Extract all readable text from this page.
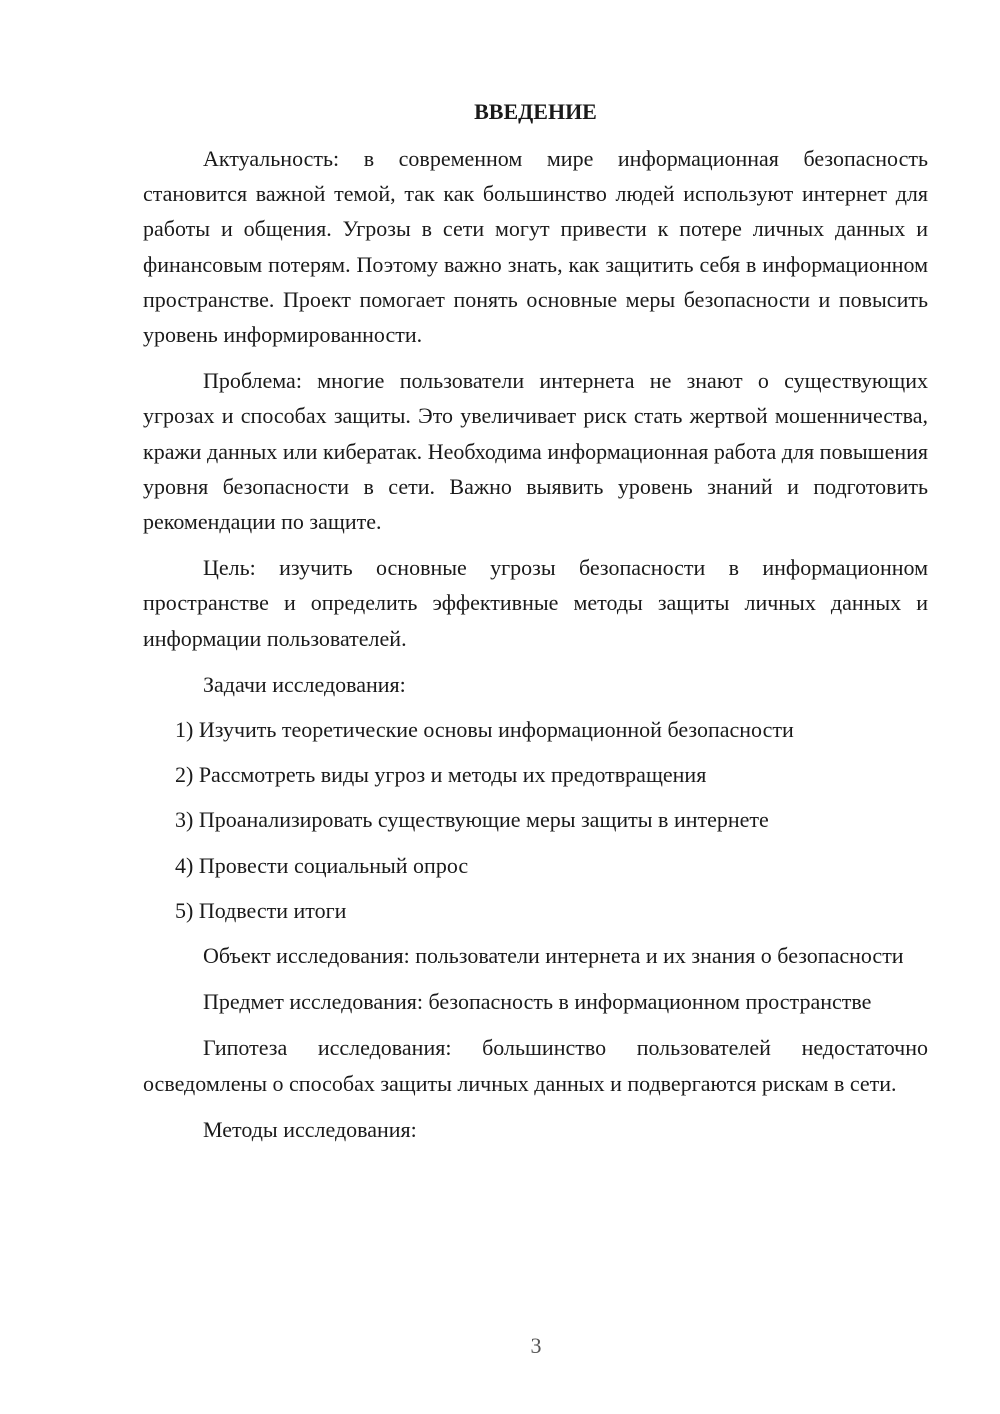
ВВЕДЕНИЕ

Актуальность: в современном мире информационная безопасность становится важной темой, так как большинство людей используют интернет для работы и общения. Угрозы в сети могут привести к потере личных данных и финансовым потерям. Поэтому важно знать, как защитить себя в информационном пространстве. Проект помогает понять основные меры безопасности и повысить уровень информированности.

Проблема: многие пользователи интернета не знают о существующих угрозах и способах защиты. Это увеличивает риск стать жертвой мошенничества, кражи данных или кибератак. Необходима информационная работа для повышения уровня безопасности в сети. Важно выявить уровень знаний и подготовить рекомендации по защите.

Цель: изучить основные угрозы безопасности в информационном пространстве и определить эффективные методы защиты личных данных и информации пользователей.

Задачи исследования:

1) Изучить теоретические основы информационной безопасности

2) Рассмотреть виды угроз и методы их предотвращения

3) Проанализировать существующие меры защиты в интернете

4) Провести социальный опрос

5) Подвести итоги

Объект исследования: пользователи интернета и их знания о безопасности

Предмет исследования: безопасность в информационном пространстве

Гипотеза исследования: большинство пользователей недостаточно осведомлены о способах защиты личных данных и подвергаются рискам в сети.

Методы исследования:

3
